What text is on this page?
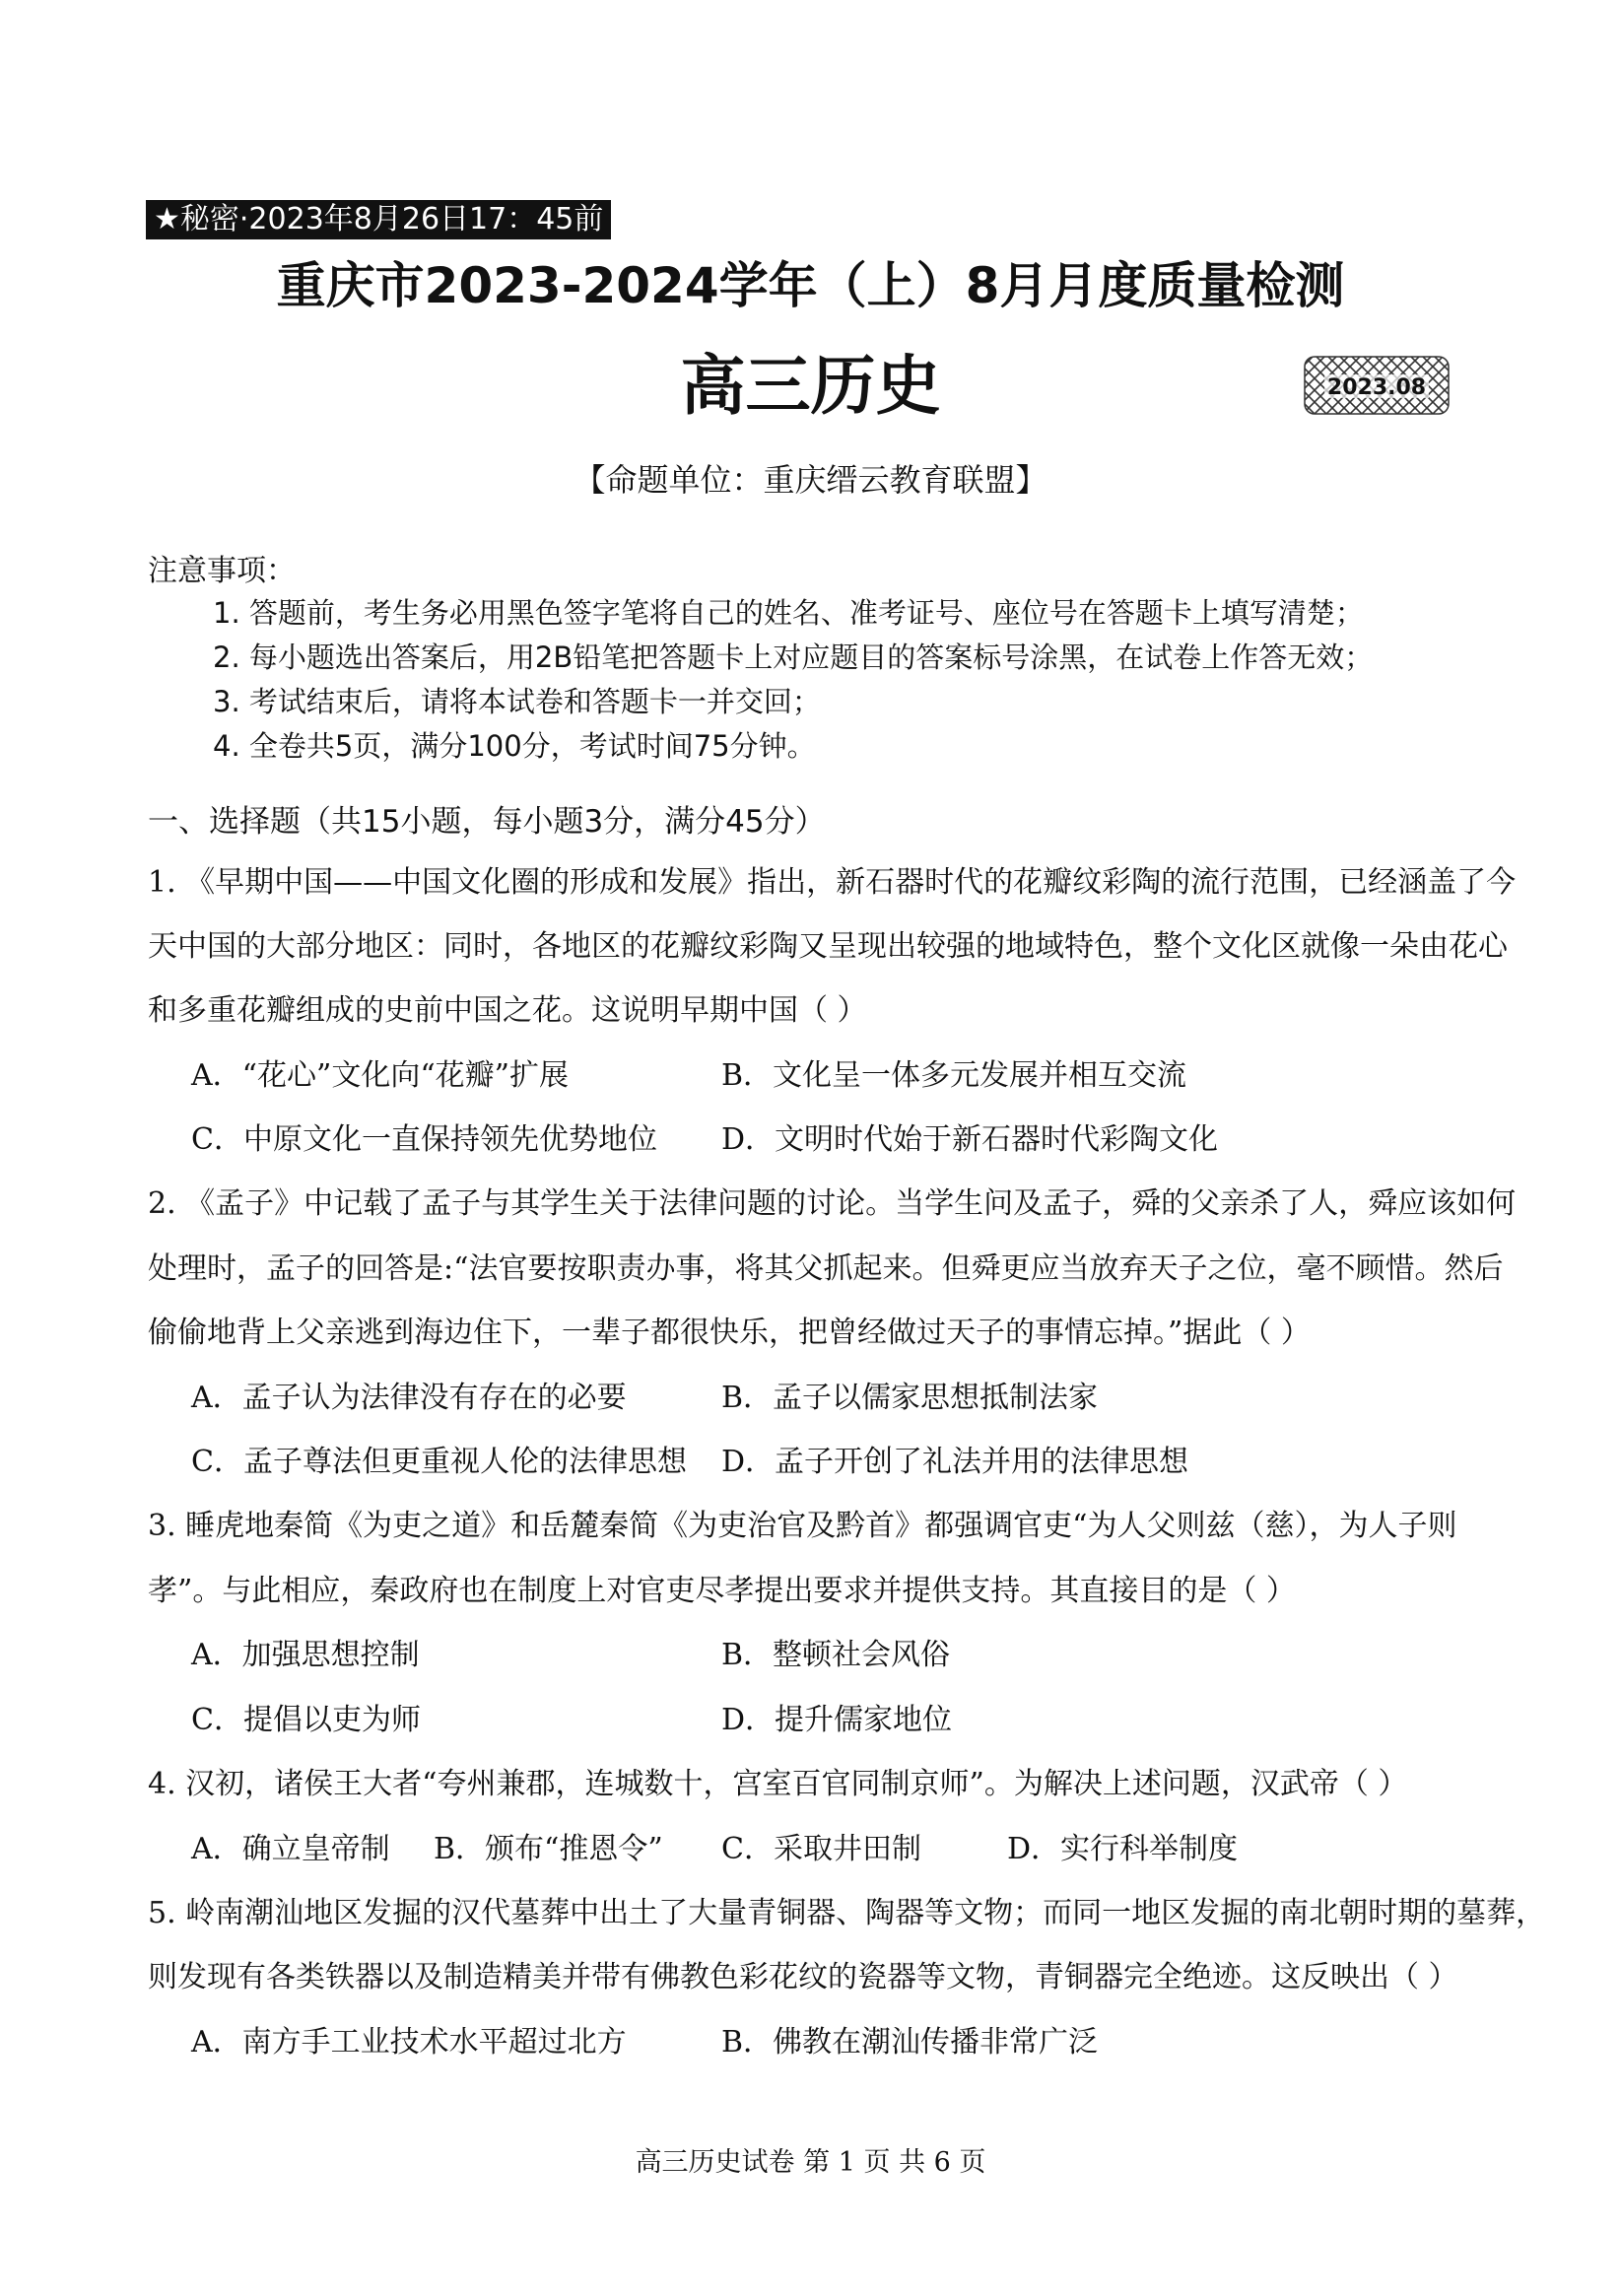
★秘密·2023年8月26日17：45前
重庆市2023-2024学年（上）8月月度质量检测
高三历史	2023.08
【命题单位：重庆缙云教育联盟】
注意事项：
1. 答题前，考生务必用黑色签字笔将自己的姓名、准考证号、座位号在答题卡上填写清楚；
2. 每小题选出答案后，用2B铅笔把答题卡上对应题目的答案标号涂黑，在试卷上作答无效；
3. 考试结束后，请将本试卷和答题卡一并交回；
4. 全卷共5页，满分100分，考试时间75分钟。
一、选择题（共15小题，每小题3分，满分45分）
1. 《早期中国——中国文化圈的形成和发展》指出，新石器时代的花瓣纹彩陶的流行范围，已经涵盖了今
天中国的大部分地区：同时，各地区的花瓣纹彩陶又呈现出较强的地域特色，整个文化区就像一朵由花心
和多重花瓣组成的史前中国之花。这说明早期中国（ ）
A．“花心”文化向“花瓣”扩展	B．文化呈一体多元发展并相互交流
C．中原文化一直保持领先优势地位 D．文明时代始于新石器时代彩陶文化
2. 《孟子》中记载了孟子与其学生关于法律问题的讨论。当学生问及孟子，舜的父亲杀了人，舜应该如何
处理时，孟子的回答是:“法官要按职责办事，将其父抓起来。但舜更应当放弃天子之位，毫不顾惜。然后
偷偷地背上父亲逃到海边住下，一辈子都很快乐，把曾经做过天子的事情忘掉。”据此（ ）
A．孟子认为法律没有存在的必要	B．孟子以儒家思想抵制法家
C．孟子尊法但更重视人伦的法律思想 D．孟子开创了礼法并用的法律思想
3. 睡虎地秦简《为吏之道》和岳麓秦简《为吏治官及黔首》都强调官吏“为人父则兹（慈），为人子则
孝”。与此相应，秦政府也在制度上对官吏尽孝提出要求并提供支持。其直接目的是（ ）
A．加强思想控制	B．整顿社会风俗
C．提倡以吏为师	D．提升儒家地位
4. 汉初，诸侯王大者“夸州兼郡，连城数十，宫室百官同制京师”。为解决上述问题，汉武帝（ ）
A．确立皇帝制 B．颁布“推恩令” C．采取井田制	D．实行科举制度
5. 岭南潮汕地区发掘的汉代墓葬中出土了大量青铜器、陶器等文物；而同一地区发掘的南北朝时期的墓葬，
则发现有各类铁器以及制造精美并带有佛教色彩花纹的瓷器等文物，青铜器完全绝迹。这反映出（ ）
A．南方手工业技术水平超过北方	B．佛教在潮汕传播非常广泛
高三历史试卷 第 1 页 共 6 页
